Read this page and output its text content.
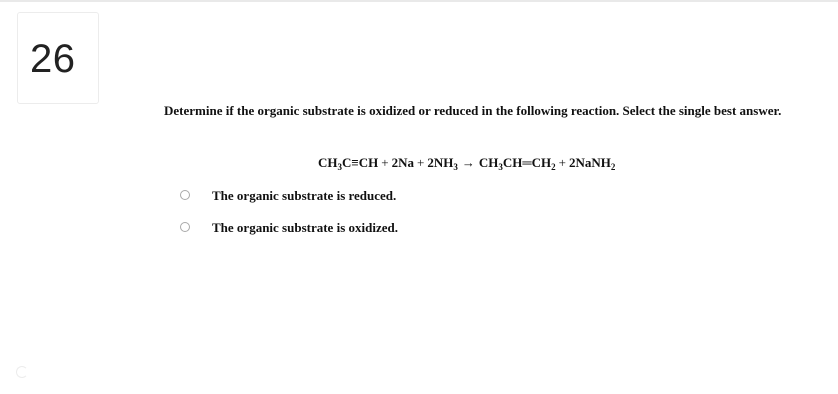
26
Determine if the organic substrate is oxidized or reduced in the following reaction. Select the single best answer.
$CH_3C\equiv CH + 2Na + 2NH_3$ → $CH_3CH═CH_2$ + 2NaNH$_2$
The organic substrate is reduced.
The organic substrate is oxidized.
